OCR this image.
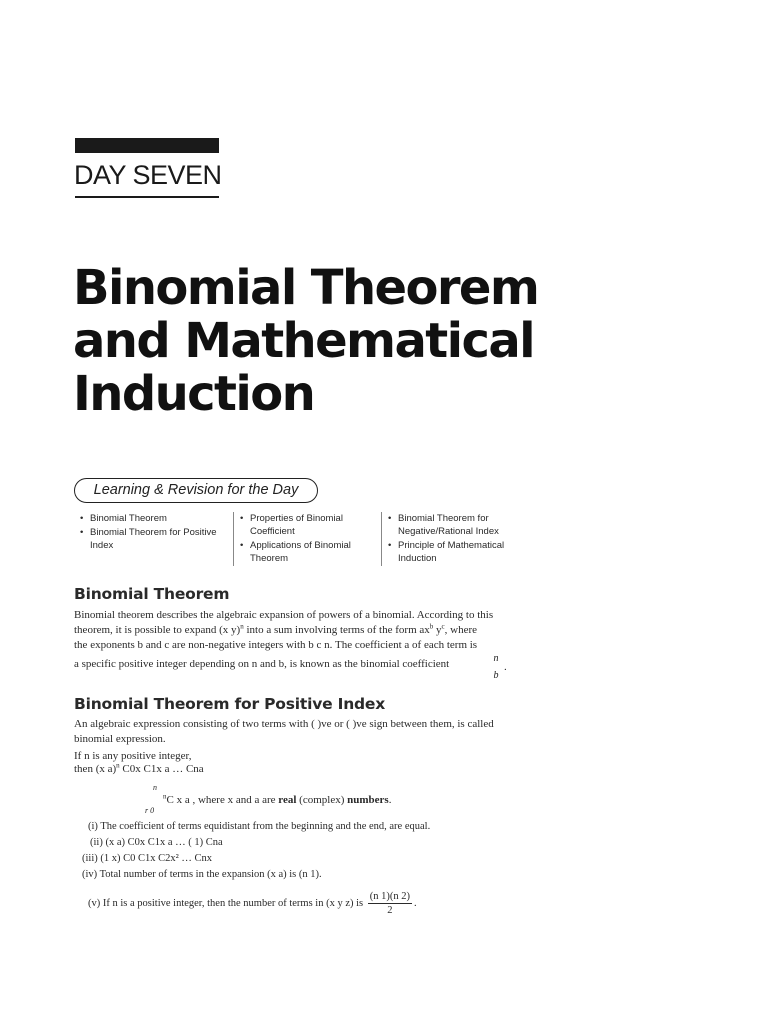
DAY SEVEN
Binomial Theorem
and Mathematical
Induction
Learning & Revision for the Day
• Binomial Theorem
• Binomial Theorem for Positive Index
• Properties of Binomial Coefficient
• Applications of Binomial Theorem
• Binomial Theorem for Negative/Rational Index
• Principle of Mathematical Induction
Binomial Theorem
Binomial theorem describes the algebraic expansion of powers of a binomial. According to this
theorem, it is possible to expand (x y)$^n$ into a sum involving terms of the form $ax^b$ $y^c$, where
the exponents b and c are non-negative integers with b c n. The coefficient a of each term is
a specific positive integer depending on n and b, is known as the binomial coefficient	n
b
.
Binomial Theorem for Positive Index
An algebraic expression consisting of two terms with ( )ve or ( )ve sign between them, is called
binomial expression.
If n is any positive integer,
then (x a)$^n$ C0x C1x a … Cna
n
$^n$C x a , where x and a are real (complex) numbers.
r 0
(i) The coefficient of terms equidistant from the beginning and the end, are equal.
(ii) (x a) C0x C1x a … ( 1) Cna
(iii) (1 x) C0 C1x C2x² … Cnx
(iv) Total number of terms in the expansion (x a) is (n 1).
(v) If n is a positive integer, then the number of terms in (x y z) is $\frac{(n 1)(n 2)}{2}$ .
